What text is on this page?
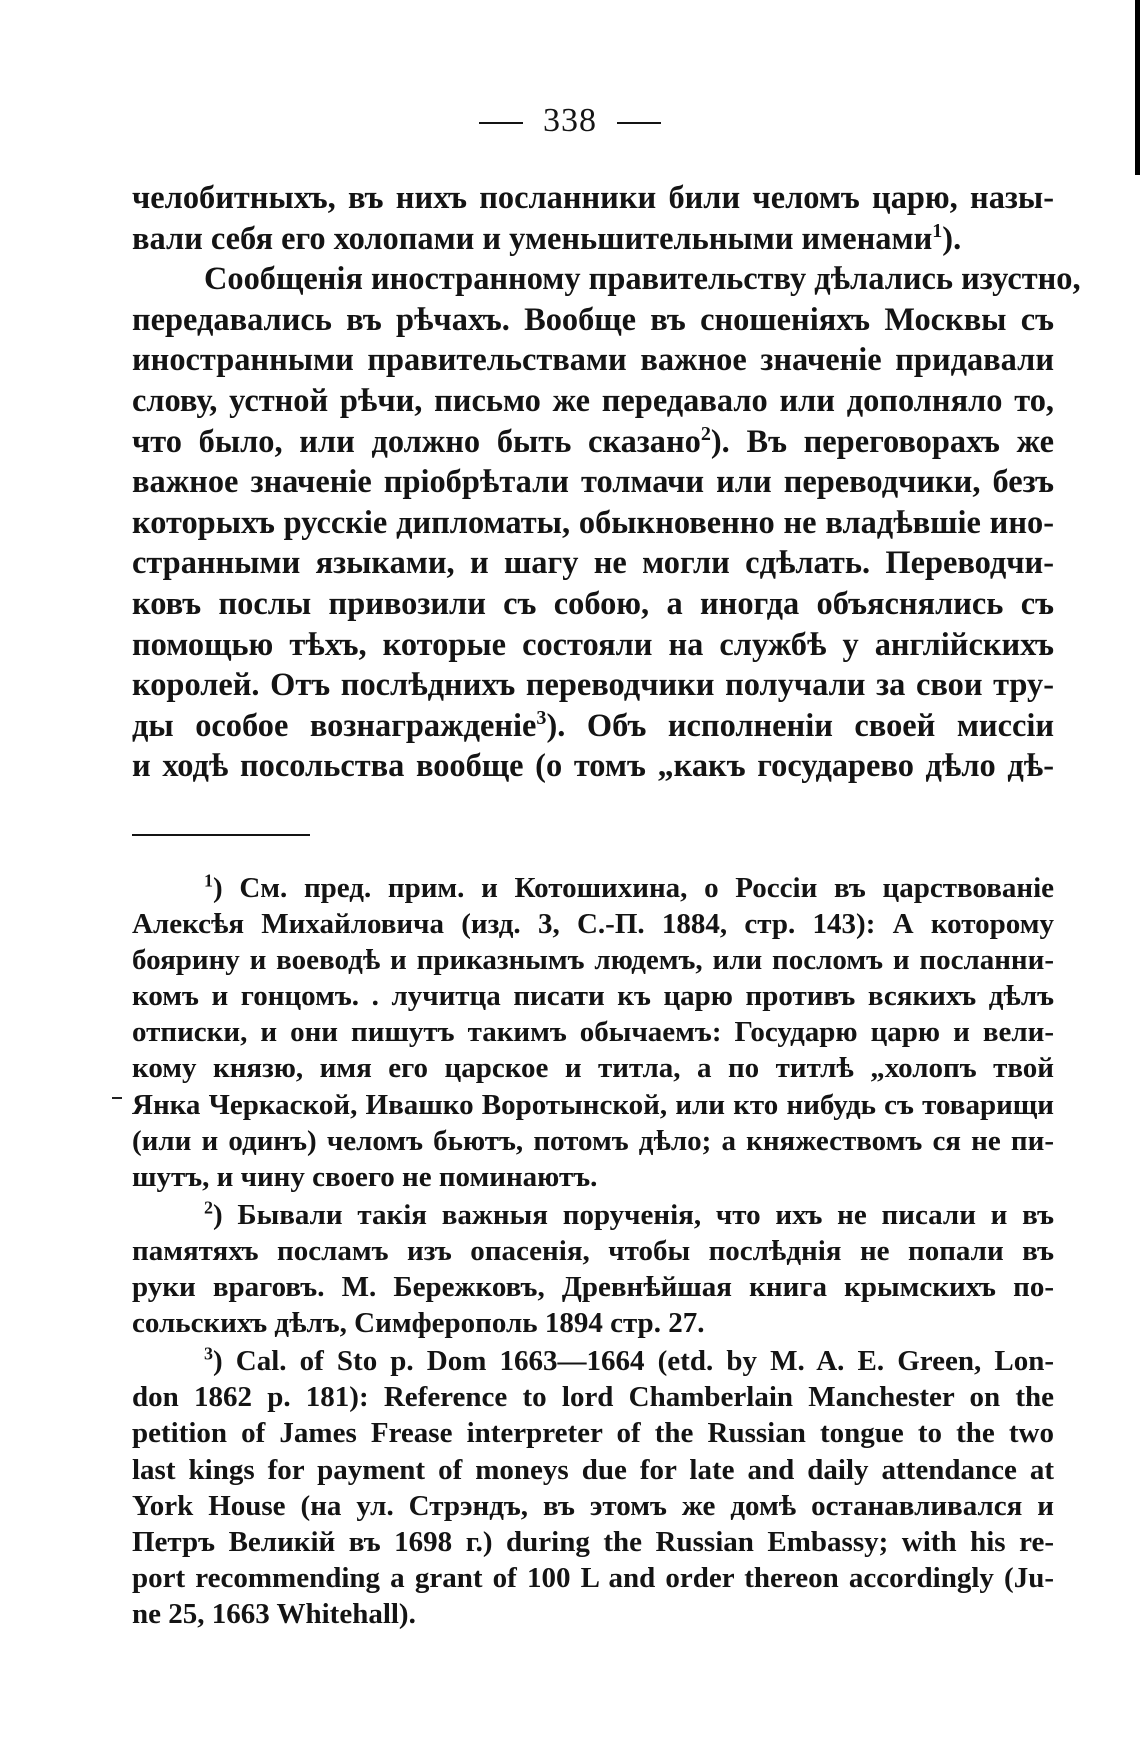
338

челобитныхъ, въ нихъ посланники били челомъ царю, назы-
вали себя его холопами и уменьшительными именами$^1$).

Сообщенія иностранному правительству дѣлались изустно,
передавались въ рѣчахъ. Вообще въ сношеніяхъ Москвы съ
иностранными правительствами важное значеніе придавали
слову, устной рѣчи, письмо же передавало или дополняло то,
что было, или должно быть сказано$^2$). Въ переговорахъ же
важное значеніе пріобрѣтали толмачи или переводчики, безъ
которыхъ русскіе дипломаты, обыкновенно не владѣвшіе ино-
странными языками, и шагу не могли сдѣлать. Переводчи-
ковъ послы привозили съ собою, а иногда объяснялись съ
помощью тѣхъ, которые состояли на службѣ у англійскихъ
королей. Отъ послѣднихъ переводчики получали за свои тру-
ды особое вознагражденіе$^3$). Объ исполненіи своей миссіи
и ходѣ посольства вообще (о томъ „какъ государево дѣло дѣ-

$^1$) См. пред. прим. и Котошихина, о Россіи въ царствованіе
Алексѣя Михайловича (изд. 3, С.-П. 1884, стр. 143): А которому
боярину и воеводѣ и приказнымъ людемъ, или посломъ и посланни-
комъ и гонцомъ. . лучитца писати къ царю противъ всякихъ дѣлъ
отписки, и они пишутъ такимъ обычаемъ: Государю царю и вели-
кому князю, имя его царское и титла, а по титлѣ „холопъ твой
Янка Черкаской, Ивашко Воротынской, или кто нибудь съ товарищи
(или и одинъ) челомъ бьютъ, потомъ дѣло; а княжествомъ ся не пи-
шутъ, и чину своего не поминаютъ.
$^2$) Бывали такія важныя порученія, что ихъ не писали и въ
памятяхъ посламъ изъ опасенія, чтобы послѣднія не попали въ
руки враговъ. М. Бережковъ, Древнѣйшая книга крымскихъ по-
сольскихъ дѣлъ, Симферополь 1894 стр. 27.
$^3$) Cal. of Sto p. Dom 1663—1664 (etd. by M. A. E. Green, Lon-
don 1862 p. 181): Reference to lord Chamberlain Manchester on the
petition of James Frease interpreter of the Russian tongue to the two
last kings for payment of moneys due for late and daily attendance at
York House (на ул. Стрэндъ, въ этомъ же домѣ останавливался и
Петръ Великій въ 1698 г.) during the Russian Embassy; with his re-
port recommending a grant of 100 L and order thereon accordingly (Ju-
ne 25, 1663 Whitehall).
